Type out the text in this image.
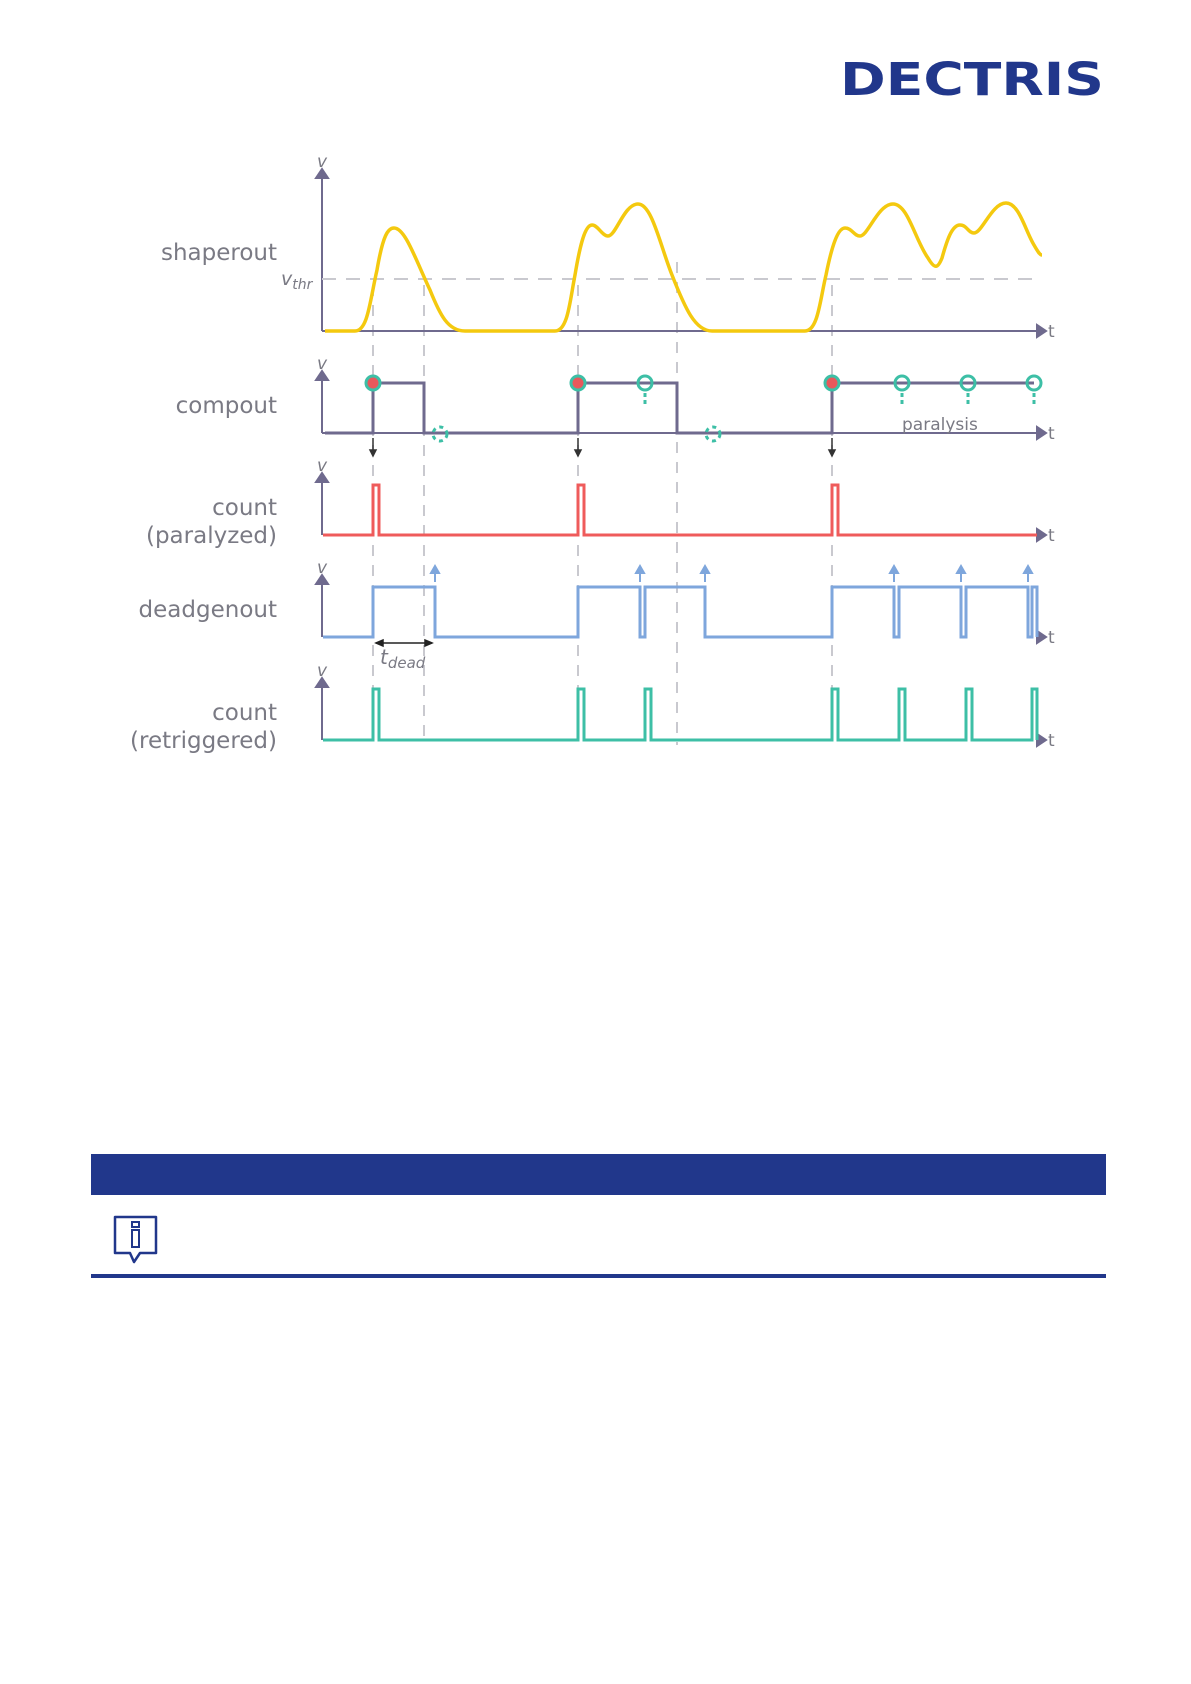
DECTRIS
shaperout
compout
count
(paralyzed)
deadgenout
count
(retriggered)
v
v
v
v
v
t
t
t
t
t
$v_{thr}$
paralysis
$t_{dead}$
